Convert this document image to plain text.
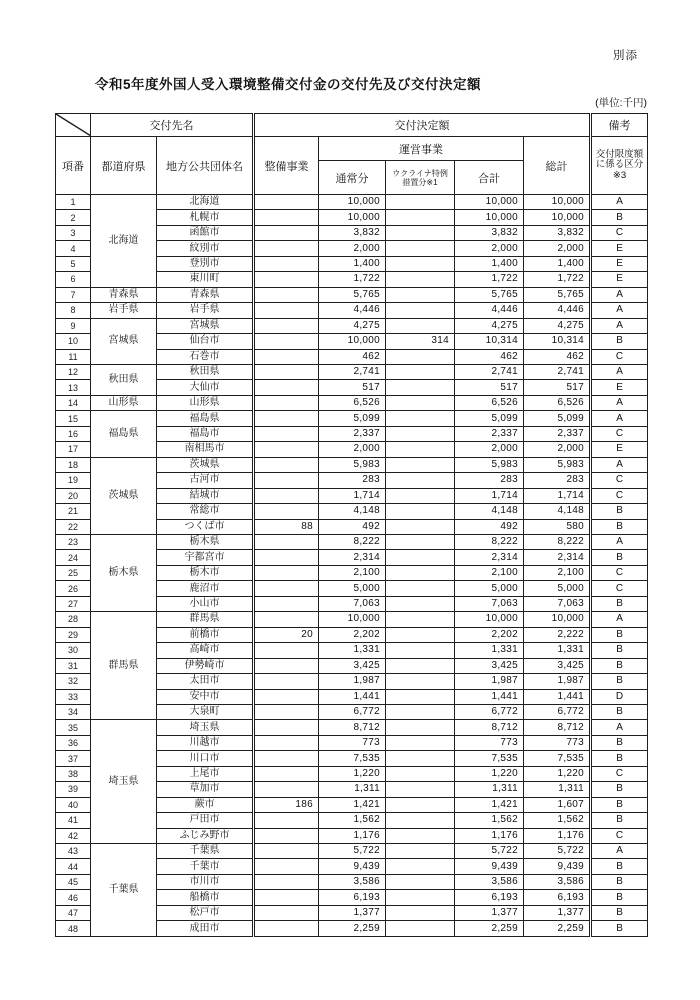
別添
令和5年度外国人受入環境整備交付金の交付先及び交付決定額
(単位:千円)
	交付先名		交付決定額					備考
項番	都道府県	地方公共団体名	整備事業	運営事業			総計	交付限度額
に係る区分
※3

				通常分	ウクライナ特例
措置分※1	合計		
1	北海道	北海道		10,000		10,000	10,000	A
2		札幌市		10,000		10,000	10,000	B
3		函館市		3,832		3,832	3,832	C
4		紋別市		2,000		2,000	2,000	E
5		登別市		1,400		1,400	1,400	E
6		東川町		1,722		1,722	1,722	E
7	青森県	青森県		5,765		5,765	5,765	A
8	岩手県	岩手県		4,446		4,446	4,446	A
9	宮城県	宮城県		4,275		4,275	4,275	A
10		仙台市		10,000	314	10,314	10,314	B
11		石巻市		462		462	462	C
12	秋田県	秋田県		2,741		2,741	2,741	A
13		大仙市		517		517	517	E
14	山形県	山形県		6,526		6,526	6,526	A
15	福島県	福島県		5,099		5,099	5,099	A
16		福島市		2,337		2,337	2,337	C
17		南相馬市		2,000		2,000	2,000	E
18	茨城県	茨城県		5,983		5,983	5,983	A
19		古河市		283		283	283	C
20		結城市		1,714		1,714	1,714	C
21		常総市		4,148		4,148	4,148	B
22		つくば市	88	492		492	580	B
23	栃木県	栃木県		8,222		8,222	8,222	A
24		宇都宮市		2,314		2,314	2,314	B
25		栃木市		2,100		2,100	2,100	C
26		鹿沼市		5,000		5,000	5,000	C
27		小山市		7,063		7,063	7,063	B
28	群馬県	群馬県		10,000		10,000	10,000	A
29		前橋市	20	2,202		2,202	2,222	B
30		高崎市		1,331		1,331	1,331	B
31		伊勢崎市		3,425		3,425	3,425	B
32		太田市		1,987		1,987	1,987	B
33		安中市		1,441		1,441	1,441	D
34		大泉町		6,772		6,772	6,772	B
35	埼玉県	埼玉県		8,712		8,712	8,712	A
36		川越市		773		773	773	B
37		川口市		7,535		7,535	7,535	B
38		上尾市		1,220		1,220	1,220	C
39		草加市		1,311		1,311	1,311	B
40		蕨市	186	1,421		1,421	1,607	B
41		戸田市		1,562		1,562	1,562	B
42		ふじみ野市		1,176		1,176	1,176	C
43	千葉県	千葉県		5,722		5,722	5,722	A
44		千葉市		9,439		9,439	9,439	B
45		市川市		3,586		3,586	3,586	B
46		船橋市		6,193		6,193	6,193	B
47		松戸市		1,377		1,377	1,377	B
48		成田市		2,259		2,259	2,259	B
